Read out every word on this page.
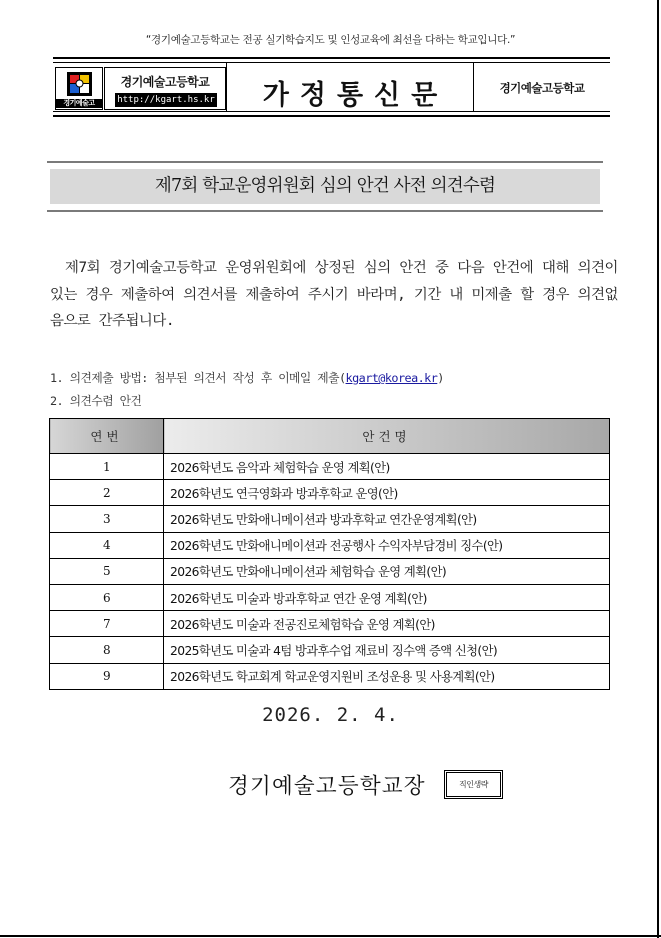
“경기예술고등학교는 전공 실기학습지도 및 인성교육에 최선을 다하는 학교입니다.”
경기예술고
경기예술고등학교
http://kgart.hs.kr	가정통신문	경기예술고등학교
제7회 학교운영위원회 심의 안건 사전 의견수렴
제7회 경기예술고등학교 운영위원회에 상정된 심의 안건 중 다음 안건에 대해 의견이 있는 경우 제출하여 의견서를 제출하여 주시기 바라며, 기간 내 미제출 할 경우 의견없음으로 간주됩니다.
1. 의견제출 방법: 첨부된 의견서 작성 후 이메일 제출(kgart@korea.kr)
2. 의견수렴 안건
연번	안건명
1	2026학년도 음악과 체험학습 운영 계획(안)
2	2026학년도 연극영화과 방과후학교 운영(안)
3	2026학년도 만화애니메이션과 방과후학교 연간운영계획(안)
4	2026학년도 만화애니메이션과 전공행사 수익자부담경비 징수(안)
5	2026학년도 만화애니메이션과 체험학습 운영 계획(안)
6	2026학년도 미술과 방과후학교 연간 운영 계획(안)
7	2026학년도 미술과 전공진로체험학습 운영 계획(안)
8	2025학년도 미술과 4텀 방과후수업 재료비 징수액 증액 신청(안)
9	2026학년도 학교회계 학교운영지원비 조성운용 및 사용계획(안)
2026. 2. 4.
경기예술고등학교장	직인생략
